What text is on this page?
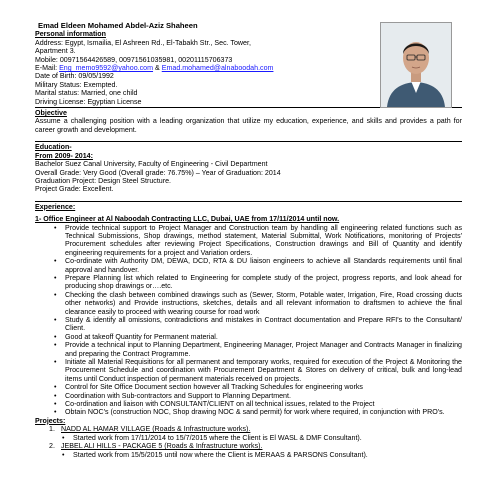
Emad Eldeen Mohamed Abdel-Aziz Shaheen
Personal information
Address: Egypt, Ismailia, El Ashreen Rd., El-Tabakh Str., Sec. Tower,
Apartment 3.
Mobile: 00971564426589, 00971561035981, 00201115706373
E-Mail: Eng_memo9592@yahoo.com & Emad.mohamed@alnaboodah.com
Date of Birth: 09/05/1992
Military Status: Exempted.
Marital status: Married, one child
Driving License: Egyptian License
Objective
Assume a challenging position with a leading organization that utilize my education, experience, and skills and provides a path for career growth and development.
Education-
From 2009- 2014:
Bachelor Suez Canal University, Faculty of Engineering - Civil Department
Overall Grade: Very Good (Overall grade: 76.75%) – Year of Graduation: 2014
Graduation Project: Design Steel Structure.
Project Grade: Excellent.
Experience:
1- Office Engineer at Al Naboodah Contracting LLC, Dubai, UAE from 17/11/2014 until now.
• Provide technical support to Project Manager and Construction team by handling all engineering related functions such as Technical Submissions, Shop drawings, method statement, Material Submittal, Work Notifications, monitoring of Projects' Procurement schedules after reviewing Project Specifications, Construction drawings and Bill of Quantity and identify engineering requirements for a project and Variation orders.
• Co-ordinate with Authority DM, DEWA, DCD, RTA & DU liaison engineers to achieve all Standards requirements until final approval and handover.
• Prepare Planning list which related to Engineering for complete study of the project, progress reports, and look ahead for producing shop drawings or….etc.
• Checking the clash between combined drawings such as (Sewer, Storm, Potable water, Irrigation, Fire, Road crossing ducts other networks) and Provide instructions, sketches, details and all relevant information to draftsmen to achieve the final clearance easily to proceed with wearing course for road work
• Study & identify all omissions, contradictions and mistakes in Contract documentation and Prepare RFI's to the Consultant/ Client.
• Good at takeoff Quantity for Permanent material.
• Provide a technical input to Planning Department, Engineering Manager, Project Manager and Contracts Manager in finalizing and preparing the Contract Programme.
• Initiate all Material Requisitions for all permanent and temporary works, required for execution of the Project & Monitoring the Procurement Schedule and coordination with Procurement Department & Stores on delivery of critical, bulk and long-lead items until Conduct inspection of permanent materials received on projects.
• Control for Site Office Document section however all Tracking Schedules for engineering works
• Coordination with Sub-contractors and Support to Planning Department.
• Co-ordination and liaison with CONSULTANT/CLIENT on all technical issues, related to the Project
• Obtain NOC's (construction NOC, Shop drawing NOC & sand permit) for work where required, in conjunction with PRO's.
Projects:
1. NADD AL HAMAR VILLAGE (Roads & Infrastructure works).
• Started work from 17/11/2014 to 15/7/2015 where the Client is El WASL & DMF Consultant).
2. JEBEL ALI HILLS - PACKAGE 5 (Roads & Infrastructure works).
• Started work from 15/5/2015 until now where the Client is MERAAS & PARSONS Consultant).
